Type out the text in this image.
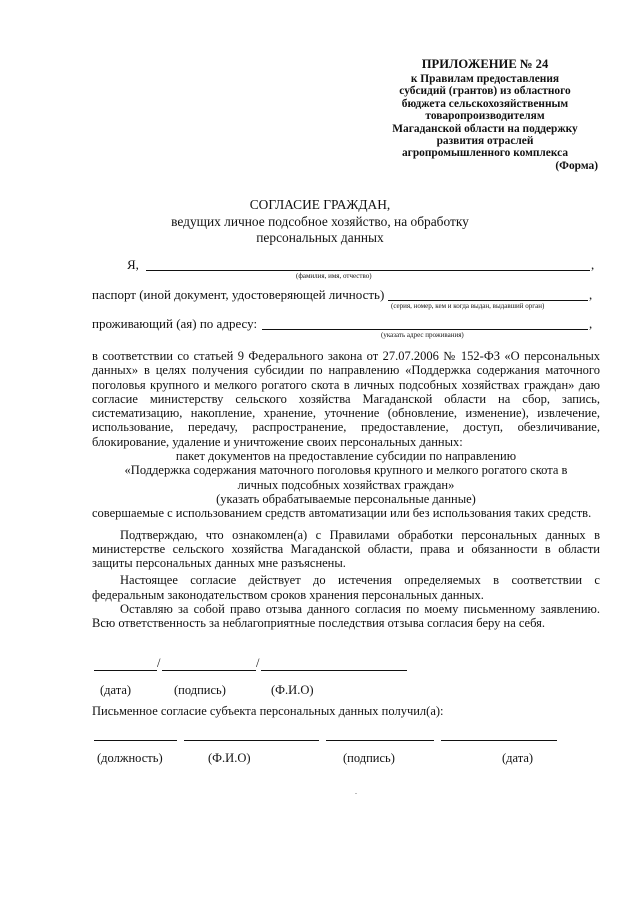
ПРИЛОЖЕНИЕ № 24
к Правилам предоставления
субсидий (грантов) из областного
бюджета сельскохозяйственным
товаропроизводителям
Магаданской области на поддержку
развития отраслей
агропромышленного комплекса
(Форма)
СОГЛАСИЕ ГРАЖДАН,
ведущих личное подсобное хозяйство, на обработку
персональных данных
Я,	,
(фамилия, имя, отчество)
паспорт (иной документ, удостоверяющей личность)	,
(серия, номер, кем и когда выдан, выдавший орган)
проживающий (ая) по адресу:	,
(указать адрес проживания)

в соответствии со статьей 9 Федерального закона от 27.07.2006 № 152-ФЗ «О персональных данных» в целях получения субсидии по направлению «Поддержка содержания маточного поголовья крупного и мелкого рогатого скота в личных подсобных хозяйствах граждан» даю согласие министерству сельского хозяйства Магаданской области на сбор, запись, систематизацию, накопление, хранение, уточнение (обновление, изменение), извлечение, использование, передачу, распространение, предоставление, доступ, обезличивание, блокирование, удаление и уничтожение своих персональных данных:

пакет документов на предоставление субсидии по направлению

«Поддержка содержания маточного поголовья крупного и мелкого рогатого скота в

личных подсобных хозяйствах граждан»

(указать обрабатываемые персональные данные)

совершаемые с использованием средств автоматизации или без использования таких средств.

Подтверждаю, что ознакомлен(а) с Правилами обработки персональных данных в министерстве сельского хозяйства Магаданской области, права и обязанности в области защиты персональных данных мне разъяснены.

Настоящее согласие действует до истечения определяемых в соответствии с федеральным законодательством сроков хранения персональных данных.

Оставляю за собой право отзыва данного согласия по моему письменному заявлению. Всю ответственность за неблагоприятные последствия отзыва согласия беру на себя.

/	/
(дата)	(подпись)	(Ф.И.О)
Письменное согласие субъекта персональных данных получил(а):
(должность)	(Ф.И.О)	(подпись)	(дата)
